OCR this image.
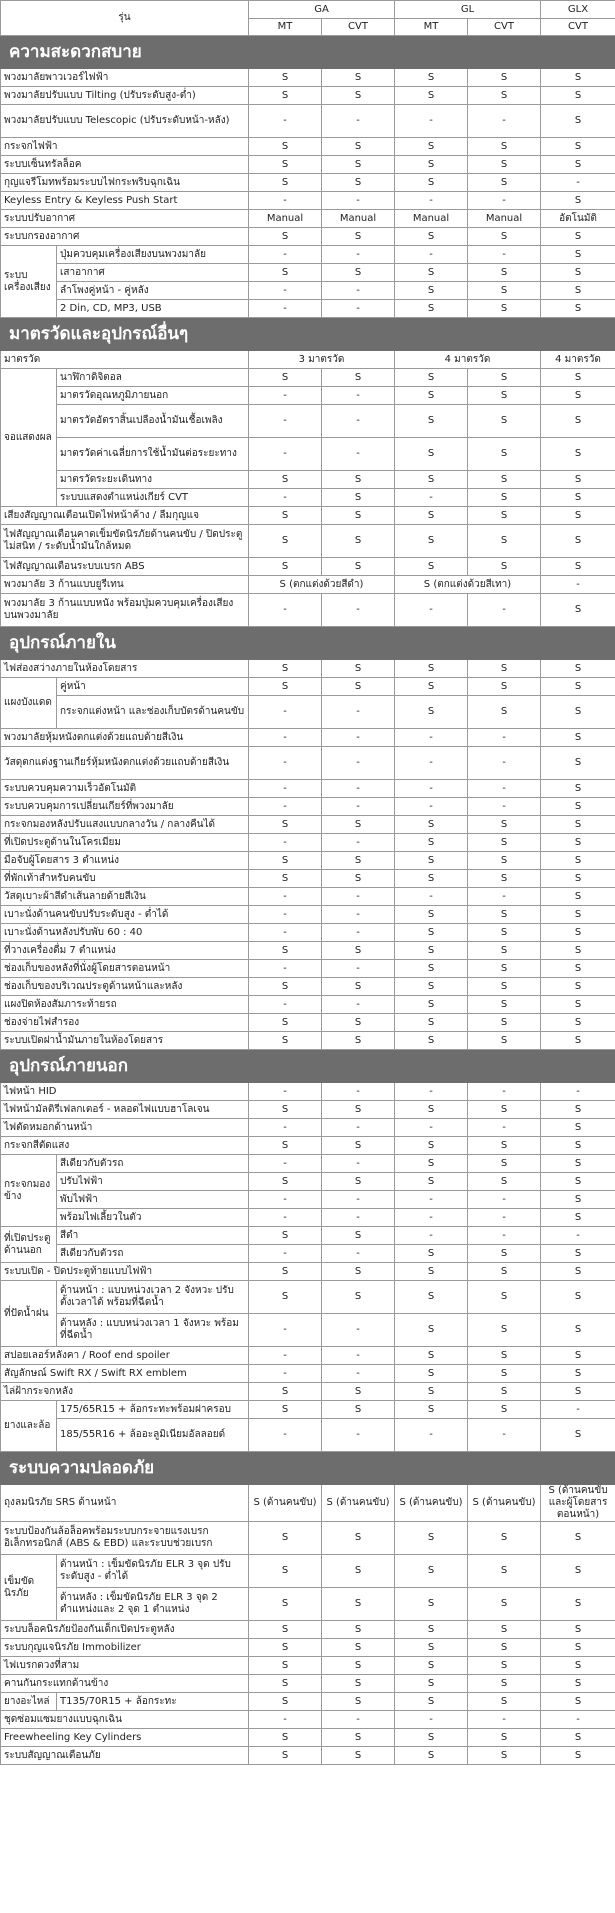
รุ่น		GA		GL		GLX
		MT	CVT	MT	CVT	CVT
ความสะดวกสบาย						
พวงมาลัยพาวเวอร์ไฟฟ้า		S	S	S	S	S
พวงมาลัยปรับแบบ Tilting (ปรับระดับสูง-ต่ำ)		S	S	S	S	S
พวงมาลัยปรับแบบ Telescopic (ปรับระดับหน้า-หลัง)		-	-	-	-	S
กระจกไฟฟ้า		S	S	S	S	S
ระบบเซ็นทรัลล็อค		S	S	S	S	S
กุญแจรีโมทพร้อมระบบไฟกระพริบฉุกเฉิน		S	S	S	S	-
Keyless Entry & Keyless Push Start		-	-	-	-	S
ระบบปรับอากาศ		Manual	Manual	Manual	Manual	อัตโนมัติ
ระบบกรองอากาศ		S	S	S	S	S
ระบบเครื่องเสียง	ปุ่มควบคุมเครื่องเสียงบนพวงมาลัย	-	-	-	-	S
	เสาอากาศ	S	S	S	S	S
	ลำโพงคู่หน้า - คู่หลัง	-	-	S	S	S
	2 Din, CD, MP3, USB	-	-	S	S	S
มาตรวัดและอุปกรณ์อื่นๆ						
มาตรวัด		3 มาตรวัด		4 มาตรวัด		4 มาตรวัด
จอแสดงผล	นาฬิกาดิจิตอล	S	S	S	S	S
	มาตรวัดอุณหภูมิภายนอก	-	-	S	S	S
	มาตรวัดอัตราสิ้นเปลืองน้ำมันเชื้อเพลิง	-	-	S	S	S
	มาตรวัดค่าเฉลี่ยการใช้น้ำมันต่อระยะทาง	-	-	S	S	S
	มาตรวัดระยะเดินทาง	S	S	S	S	S
	ระบบแสดงตำแหน่งเกียร์ CVT	-	S	-	S	S
เสียงสัญญาณเตือนเปิดไฟหน้าค้าง / ลืมกุญแจ		S	S	S	S	S
ไฟสัญญาณเตือนคาดเข็มขัดนิรภัยด้านคนขับ / ปิดประตูไม่สนิท / ระดับน้ำมันใกล้หมด		S	S	S	S	S
ไฟสัญญาณเตือนระบบเบรก ABS		S	S	S	S	S
พวงมาลัย 3 ก้านแบบยูรีเทน		S (ตกแต่งด้วยสีดำ)		S (ตกแต่งด้วยสีเทา)		-
พวงมาลัย 3 ก้านแบบหนัง พร้อมปุ่มควบคุมเครื่องเสียงบนพวงมาลัย		-	-	-	-	S
อุปกรณ์ภายใน						
ไฟส่องสว่างภายในห้องโดยสาร		S	S	S	S	S
แผงบังแดด	คู่หน้า	S	S	S	S	S
	กระจกแต่งหน้า และช่องเก็บบัตรด้านคนขับ	-	-	S	S	S
พวงมาลัยหุ้มหนังตกแต่งด้วยแถบด้ายสีเงิน		-	-	-	-	S
วัสดุตกแต่งฐานเกียร์หุ้มหนังตกแต่งด้วยแถบด้ายสีเงิน		-	-	-	-	S
ระบบควบคุมความเร็วอัตโนมัติ		-	-	-	-	S
ระบบควบคุมการเปลี่ยนเกียร์ที่พวงมาลัย		-	-	-	-	S
กระจกมองหลังปรับแสงแบบกลางวัน / กลางคืนได้		S	S	S	S	S
ที่เปิดประตูด้านในโครเมียม		-	-	S	S	S
มือจับผู้โดยสาร 3 ตำแหน่ง		S	S	S	S	S
ที่พักเท้าสำหรับคนขับ		S	S	S	S	S
วัสดุเบาะผ้าสีดำเส้นลายด้ายสีเงิน		-	-	-	-	S
เบาะนั่งด้านคนขับปรับระดับสูง - ต่ำได้		-	-	S	S	S
เบาะนั่งด้านหลังปรับพับ 60 : 40		-	-	S	S	S
ที่วางเครื่องดื่ม 7 ตำแหน่ง		S	S	S	S	S
ช่องเก็บของหลังที่นั่งผู้โดยสารตอนหน้า		-	-	S	S	S
ช่องเก็บของบริเวณประตูด้านหน้าและหลัง		S	S	S	S	S
แผงปิดห้องสัมภาระท้ายรถ		-	-	S	S	S
ช่องจ่ายไฟสำรอง		S	S	S	S	S
ระบบเปิดฝาน้ำมันภายในห้องโดยสาร		S	S	S	S	S
อุปกรณ์ภายนอก						
ไฟหน้า HID		-	-	-	-	-
ไฟหน้ามัลติรีเฟลกเตอร์ - หลอดไฟแบบฮาโลเจน		S	S	S	S	S
ไฟตัดหมอกด้านหน้า		-	-	-	-	S
กระจกสีตัดแสง		S	S	S	S	S
กระจกมองข้าง	สีเดียวกับตัวรถ	-	-	S	S	S
	ปรับไฟฟ้า	S	S	S	S	S
	พับไฟฟ้า	-	-	-	-	S
	พร้อมไฟเลี้ยวในตัว	-	-	-	-	S
ที่เปิดประตูด้านนอก	สีดำ	S	S	-	-	-
	สีเดียวกับตัวรถ	-	-	S	S	S
ระบบเปิด - ปิดประตูท้ายแบบไฟฟ้า		S	S	S	S	S
ที่ปัดน้ำฝน	ด้านหน้า : แบบหน่วงเวลา 2 จังหวะ ปรับตั้งเวลาได้ พร้อมที่ฉีดน้ำ	S	S	S	S	S
	ด้านหลัง : แบบหน่วงเวลา 1 จังหวะ พร้อมที่ฉีดน้ำ	-	-	S	S	S
สปอยเลอร์หลังคา / Roof end spoiler		-	-	S	S	S
สัญลักษณ์ Swift RX / Swift RX emblem		-	-	S	S	S
ไล่ฝ้ากระจกหลัง		S	S	S	S	S
ยางและล้อ	175/65R15 + ล้อกระทะพร้อมฝาครอบ	S	S	S	S	-
	185/55R16 + ล้ออะลูมิเนียมอัลลอยด์	-	-	-	-	S
ระบบความปลอดภัย						
ถุงลมนิรภัย SRS ด้านหน้า		S (ด้านคนขับ)	S (ด้านคนขับ)	S (ด้านคนขับ)	S (ด้านคนขับ)	S (ด้านคนขับและผู้โดยสารตอนหน้า)
ระบบป้องกันล้อล็อคพร้อมระบบกระจายแรงเบรกอิเล็กทรอนิกส์ (ABS & EBD) และระบบช่วยเบรก		S	S	S	S	S
เข็มขัดนิรภัย	ด้านหน้า : เข็มขัดนิรภัย ELR 3 จุด ปรับระดับสูง - ต่ำได้	S	S	S	S	S
	ด้านหลัง : เข็มขัดนิรภัย ELR 3 จุด 2 ตำแหน่งและ 2 จุด 1 ตำแหน่ง	S	S	S	S	S
ระบบล็อคนิรภัยป้องกันเด็กเปิดประตูหลัง		S	S	S	S	S
ระบบกุญแจนิรภัย Immobilizer		S	S	S	S	S
ไฟเบรกดวงที่สาม		S	S	S	S	S
คานกันกระแทกด้านข้าง		S	S	S	S	S
ยางอะไหล่	T135/70R15 + ล้อกระทะ	S	S	S	S	S
ชุดซ่อมแซมยางแบบฉุกเฉิน		-	-	-	-	-
Freewheeling Key Cylinders		S	S	S	S	S
ระบบสัญญาณเตือนภัย		S	S	S	S	S
